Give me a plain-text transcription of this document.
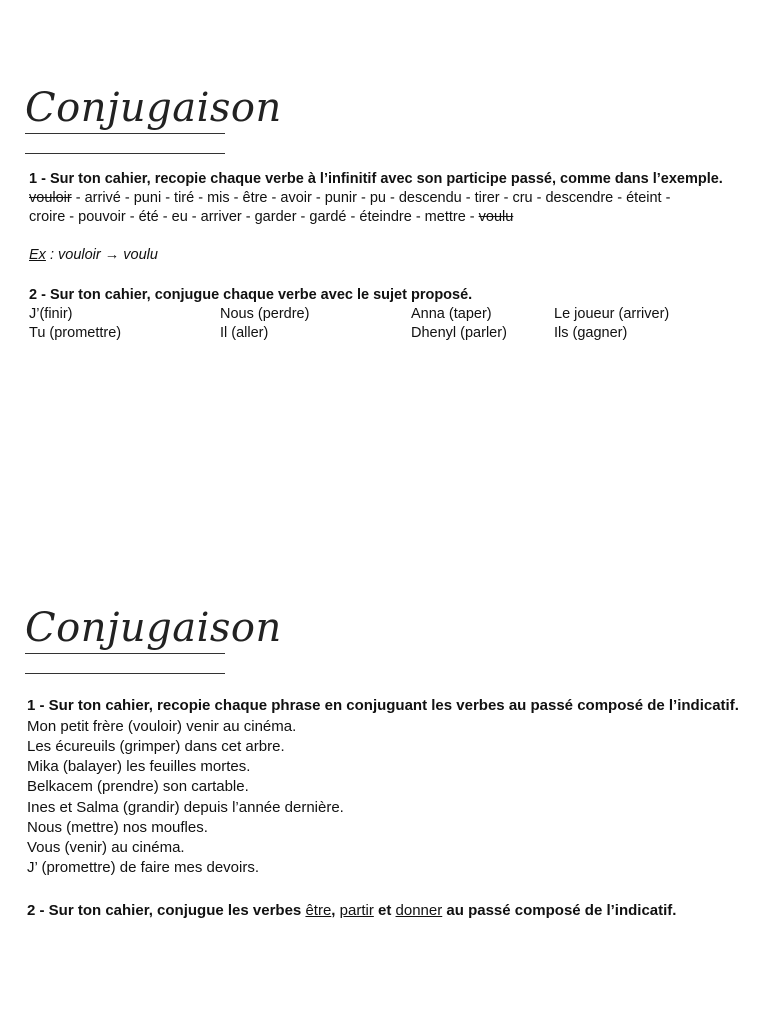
Conjugaison
1 - Sur ton cahier, recopie chaque verbe à l’infinitif avec son participe passé, comme dans l’exemple.
vouloir - arrivé - puni - tiré - mis - être - avoir - punir - pu - descendu - tirer - cru - descendre - éteint -
croire - pouvoir - été - eu - arriver - garder - gardé - éteindre - mettre - voulu
Ex : vouloir → voulu
2 - Sur ton cahier, conjugue chaque verbe avec le sujet proposé.
J’(finir)	Nous (perdre)	Anna (taper)	Le joueur (arriver)
Tu (promettre)	Il (aller)	Dhenyl (parler)	Ils (gagner)
Conjugaison
1 - Sur ton cahier, recopie chaque phrase en conjuguant les verbes au passé composé de l’indicatif.
Mon petit frère (vouloir) venir au cinéma.
Les écureuils (grimper) dans cet arbre.
Mika (balayer) les feuilles mortes.
Belkacem (prendre) son cartable.
Ines et Salma (grandir) depuis l’année dernière.
Nous (mettre) nos moufles.
Vous (venir) au cinéma.
J’ (promettre) de faire mes devoirs.
2 - Sur ton cahier, conjugue les verbes être, partir et donner au passé composé de l’indicatif.
